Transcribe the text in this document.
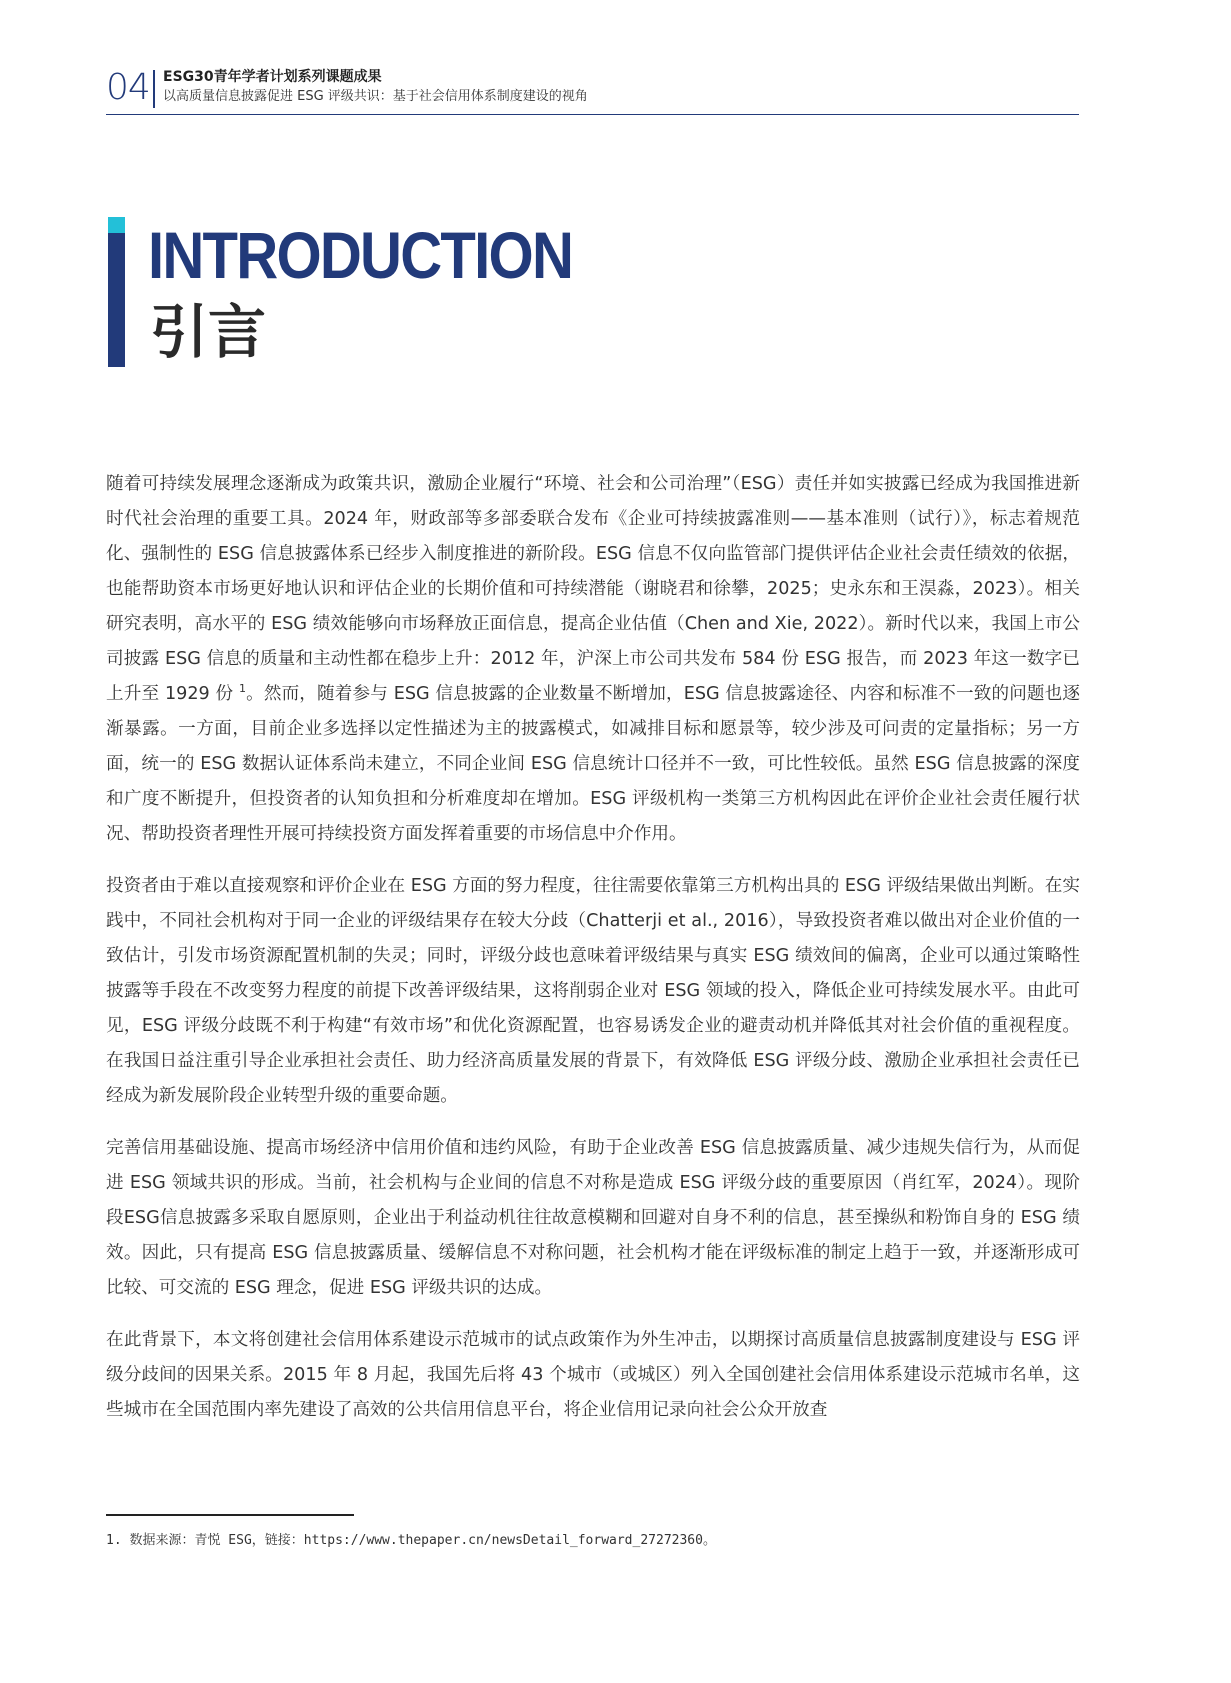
04 ESG30青年学者计划系列课题成果
以高质量信息披露促进 ESG 评级共识：基于社会信用体系制度建设的视角
INTRODUCTION
引言

随着可持续发展理念逐渐成为政策共识，激励企业履行“环境、社会和公司治理”（ESG）责任并如实披露已经成为我国推进新时代社会治理的重要工具。2024 年，财政部等多部委联合发布《企业可持续披露准则——基本准则（试行）》，标志着规范化、强制性的 ESG 信息披露体系已经步入制度推进的新阶段。ESG 信息不仅向监管部门提供评估企业社会责任绩效的依据，也能帮助资本市场更好地认识和评估企业的长期价值和可持续潜能（谢晓君和徐攀，2025；史永东和王淏淼，2023）。相关研究表明，高水平的 ESG 绩效能够向市场释放正面信息，提高企业估值（Chen and Xie, 2022）。新时代以来，我国上市公司披露 ESG 信息的质量和主动性都在稳步上升：2012 年，沪深上市公司共发布 584 份 ESG 报告，而 2023 年这一数字已上升至 1929 份 $^1$。然而，随着参与 ESG 信息披露的企业数量不断增加，ESG 信息披露途径、内容和标准不一致的问题也逐渐暴露。一方面，目前企业多选择以定性描述为主的披露模式，如减排目标和愿景等，较少涉及可问责的定量指标；另一方面，统一的 ESG 数据认证体系尚未建立，不同企业间 ESG 信息统计口径并不一致，可比性较低。虽然 ESG 信息披露的深度和广度不断提升，但投资者的认知负担和分析难度却在增加。ESG 评级机构一类第三方机构因此在评价企业社会责任履行状况、帮助投资者理性开展可持续投资方面发挥着重要的市场信息中介作用。

投资者由于难以直接观察和评价企业在 ESG 方面的努力程度，往往需要依靠第三方机构出具的 ESG 评级结果做出判断。在实践中，不同社会机构对于同一企业的评级结果存在较大分歧（Chatterji et al., 2016），导致投资者难以做出对企业价值的一致估计，引发市场资源配置机制的失灵；同时，评级分歧也意味着评级结果与真实 ESG 绩效间的偏离，企业可以通过策略性披露等手段在不改变努力程度的前提下改善评级结果，这将削弱企业对 ESG 领域的投入，降低企业可持续发展水平。由此可见，ESG 评级分歧既不利于构建“有效市场”和优化资源配置，也容易诱发企业的避责动机并降低其对社会价值的重视程度。在我国日益注重引导企业承担社会责任、助力经济高质量发展的背景下，有效降低 ESG 评级分歧、激励企业承担社会责任已经成为新发展阶段企业转型升级的重要命题。

完善信用基础设施、提高市场经济中信用价值和违约风险，有助于企业改善 ESG 信息披露质量、减少违规失信行为，从而促进 ESG 领域共识的形成。当前，社会机构与企业间的信息不对称是造成 ESG 评级分歧的重要原因（肖红军，2024）。现阶段ESG信息披露多采取自愿原则，企业出于利益动机往往故意模糊和回避对自身不利的信息，甚至操纵和粉饰自身的 ESG 绩效。因此，只有提高 ESG 信息披露质量、缓解信息不对称问题，社会机构才能在评级标准的制定上趋于一致，并逐渐形成可比较、可交流的 ESG 理念，促进 ESG 评级共识的达成。

在此背景下，本文将创建社会信用体系建设示范城市的试点政策作为外生冲击，以期探讨高质量信息披露制度建设与 ESG 评级分歧间的因果关系。2015 年 8 月起，我国先后将 43 个城市（或城区）列入全国创建社会信用体系建设示范城市名单，这些城市在全国范围内率先建设了高效的公共信用信息平台，将企业信用记录向社会公众开放查

1. 数据来源：青悦 ESG，链接：https://www.thepaper.cn/newsDetail_forward_27272360。
